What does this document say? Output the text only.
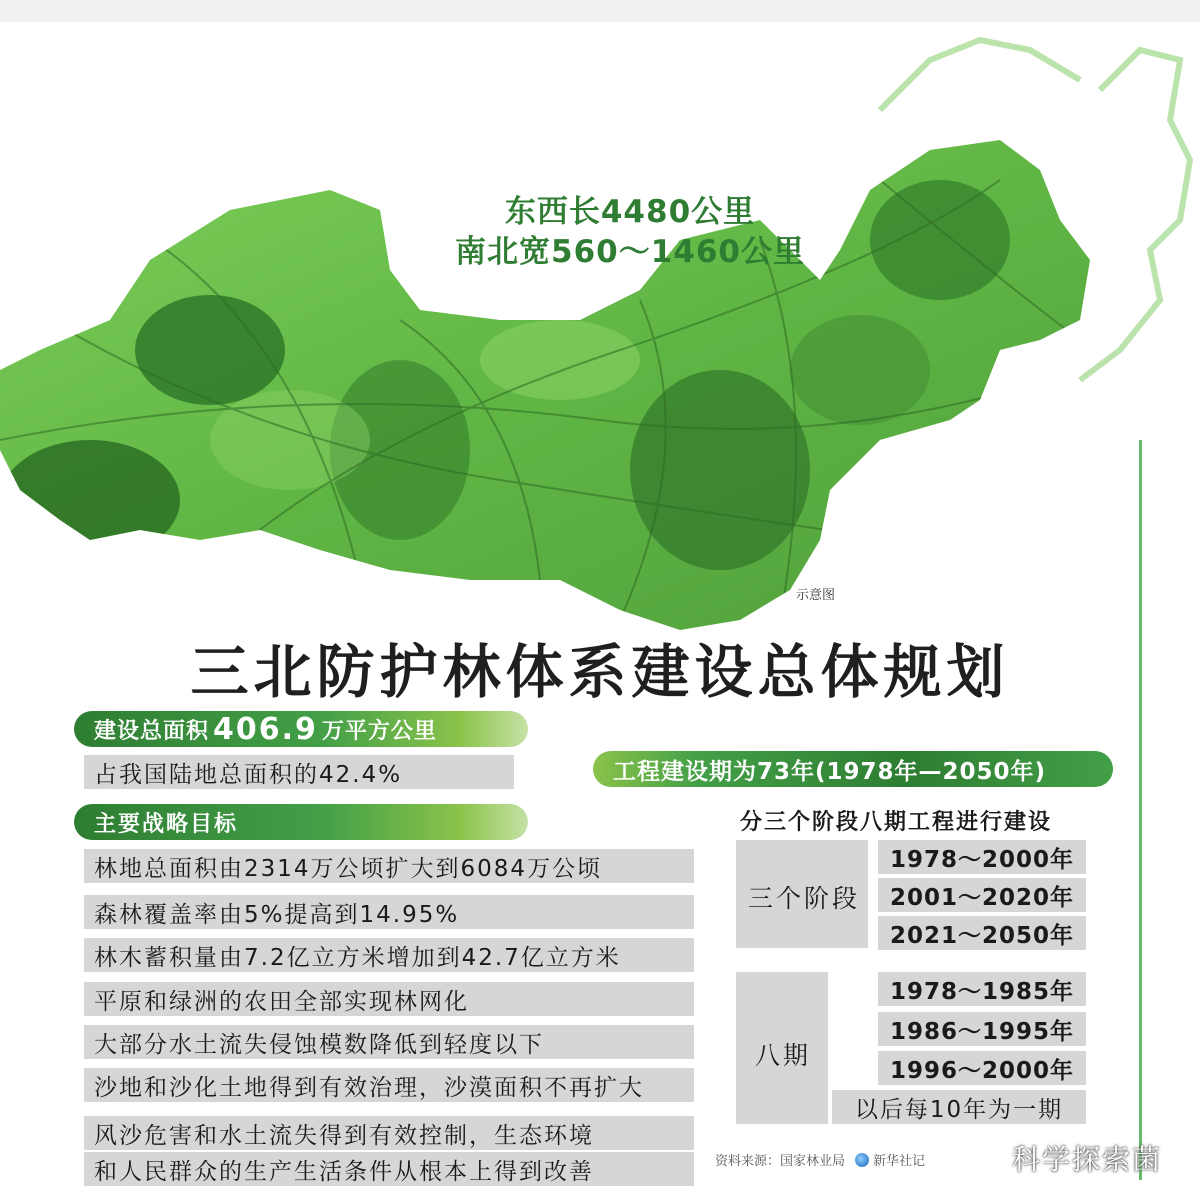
东西长4480公里
南北宽560～1460公里
示意图
三北防护林体系建设总体规划
建设总面积 406.9 万平方公里
占我国陆地总面积的42.4%
主要战略目标
林地总面积由2314万公顷扩大到6084万公顷
森林覆盖率由5%提高到14.95%
林木蓄积量由7.2亿立方米增加到42.7亿立方米
平原和绿洲的农田全部实现林网化
大部分水土流失侵蚀模数降低到轻度以下
沙地和沙化土地得到有效治理，沙漠面积不再扩大
风沙危害和水土流失得到有效控制，生态环境
和人民群众的生产生活条件从根本上得到改善
工程建设期为73年(1978年—2050年)
分三个阶段八期工程进行建设
三个阶段
1978～2000年
2001～2020年
2021～2050年
八期
1978～1985年
1986～1995年
1996～2000年
以后每10年为一期
资料来源：国家林业局 新华社记	科学探索菌
